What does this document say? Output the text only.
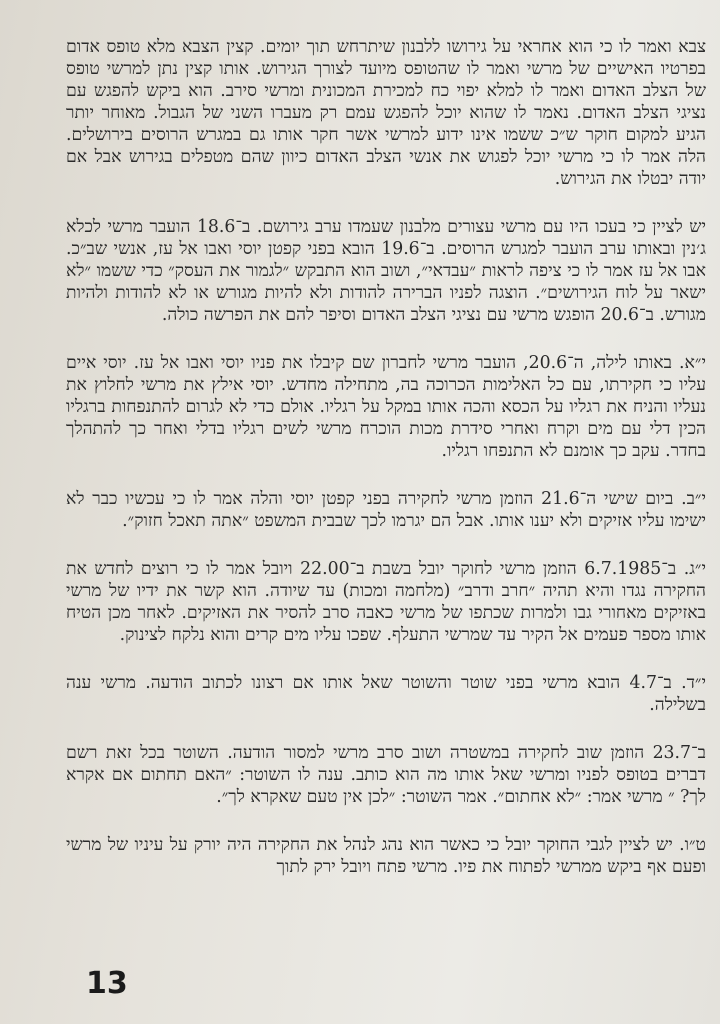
צבא ואמר לו כי הוא אחראי על גירושו ללבנון שיתרחש תוך יומים. קצין הצבא מלא טופס אדום בפרטיו האישיים של מרשי ואמר לו שהטופס מיועד לצורך הגירוש. אותו קצין נתן למרשי טופס של הצלב האדום ואמר לו למלא יפוי כח למכירת המכונית ומרשי סירב. הוא ביקש להפגש עם נציגי הצלב האדום. נאמר לו שהוא יוכל להפגש עמם רק מעברו השני של הגבול. מאוחר יותר הגיע למקום חוקר ש״כ ששמו אינו ידוע למרשי אשר חקר אותו גם במגרש הרוסים בירושלים. הלה אמר לו כי מרשי יוכל לפגוש את אנשי הצלב האדום כיוון שהם מטפלים בגירוש אבל אם יודה יבטלו את הגירוש.

יש לציין כי בעכו היו עם מרשי עצורים מלבנון שעמדו ערב גירושם. ב־18.6 הועבר מרשי לכלא ג׳נין ובאותו ערב הועבר למגרש הרוסים. ב־19.6 הובא בפני קפטן יוסי ואבו אל עז, אנשי שב״כ. אבו אל עז אמר לו כי ציפה לראות ״עבדאי״, ושוב הוא התבקש ״לגמור את העסק״ כדי ששמו ״לא ישאר על לוח הגירושים״. הוצגה לפניו הברירה להודות ולא להיות מגורש או לא להודות ולהיות מגורש. ב־20.6 הופגש מרשי עם נציגי הצלב האדום וסיפר להם את הפרשה כולה.

י״א. באותו לילה, ה־20.6, הועבר מרשי לחברון שם קיבלו את פניו יוסי ואבו אל עז. יוסי איים עליו כי חקירתו, עם כל האלימות הכרוכה בה, מתחילה מחדש. יוסי אילץ את מרשי לחלוץ את נעליו והניח את רגליו על הכסא והכה אותו במקל על רגליו. אולם כדי לא לגרום להתנפחות ברגליו הכין דלי עם מים וקרח ואחרי סידרת מכות הוכרח מרשי לשים רגליו בדלי ואחר כך להתהלך בחדר. עקב כך אומנם לא התנפחו רגליו.

י״ב. ביום שישי ה־21.6 הוזמן מרשי לחקירה בפני קפטן יוסי והלה אמר לו כי עכשיו כבר לא ישימו עליו אזיקים ולא יענו אותו. אבל הם יגרמו לכך שבבית המשפט ״אתה תאכל חזוק״.

י״ג. ב־6.7.1985 הוזמן מרשי לחוקר יובל בשבת ב־22.00 ויובל אמר לו כי רוצים לחדש את החקירה נגדו והיא תהיה ״חרב ודרב״ (מלחמה ומכות) עד שיודה. הוא קשר את ידיו של מרשי באזיקים מאחורי גבו ולמרות שכתפו של מרשי כאבה סרב להסיר את האזיקים. לאחר מכן הטיח אותו מספר פעמים אל הקיר עד שמרשי התעלף. שפכו עליו מים קרים והוא נלקח לצינוק.

י״ד. ב־4.7 הובא מרשי בפני שוטר והשוטר שאל אותו אם רצונו לכתוב הודעה. מרשי ענה בשלילה.

ב־23.7 הוזמן שוב לחקירה במשטרה ושוב סרב מרשי למסור הודעה. השוטר בכל זאת רשם דברים בטופס לפניו ומרשי שאל אותו מה הוא כותב. ענה לו השוטר: ״האם תחתום אם אקרא לך? ״ מרשי אמר: ״לא אחתום״. אמר השוטר: ״לכן אין טעם שאקרא לך״.

ט״ו. יש לציין לגבי החוקר יובל כי כאשר הוא נהג לנהל את החקירה היה יורק על עיניו של מרשי ופעם אף ביקש ממרשי לפתוח את פיו. מרשי פתח ויובל ירק לתוך

13
